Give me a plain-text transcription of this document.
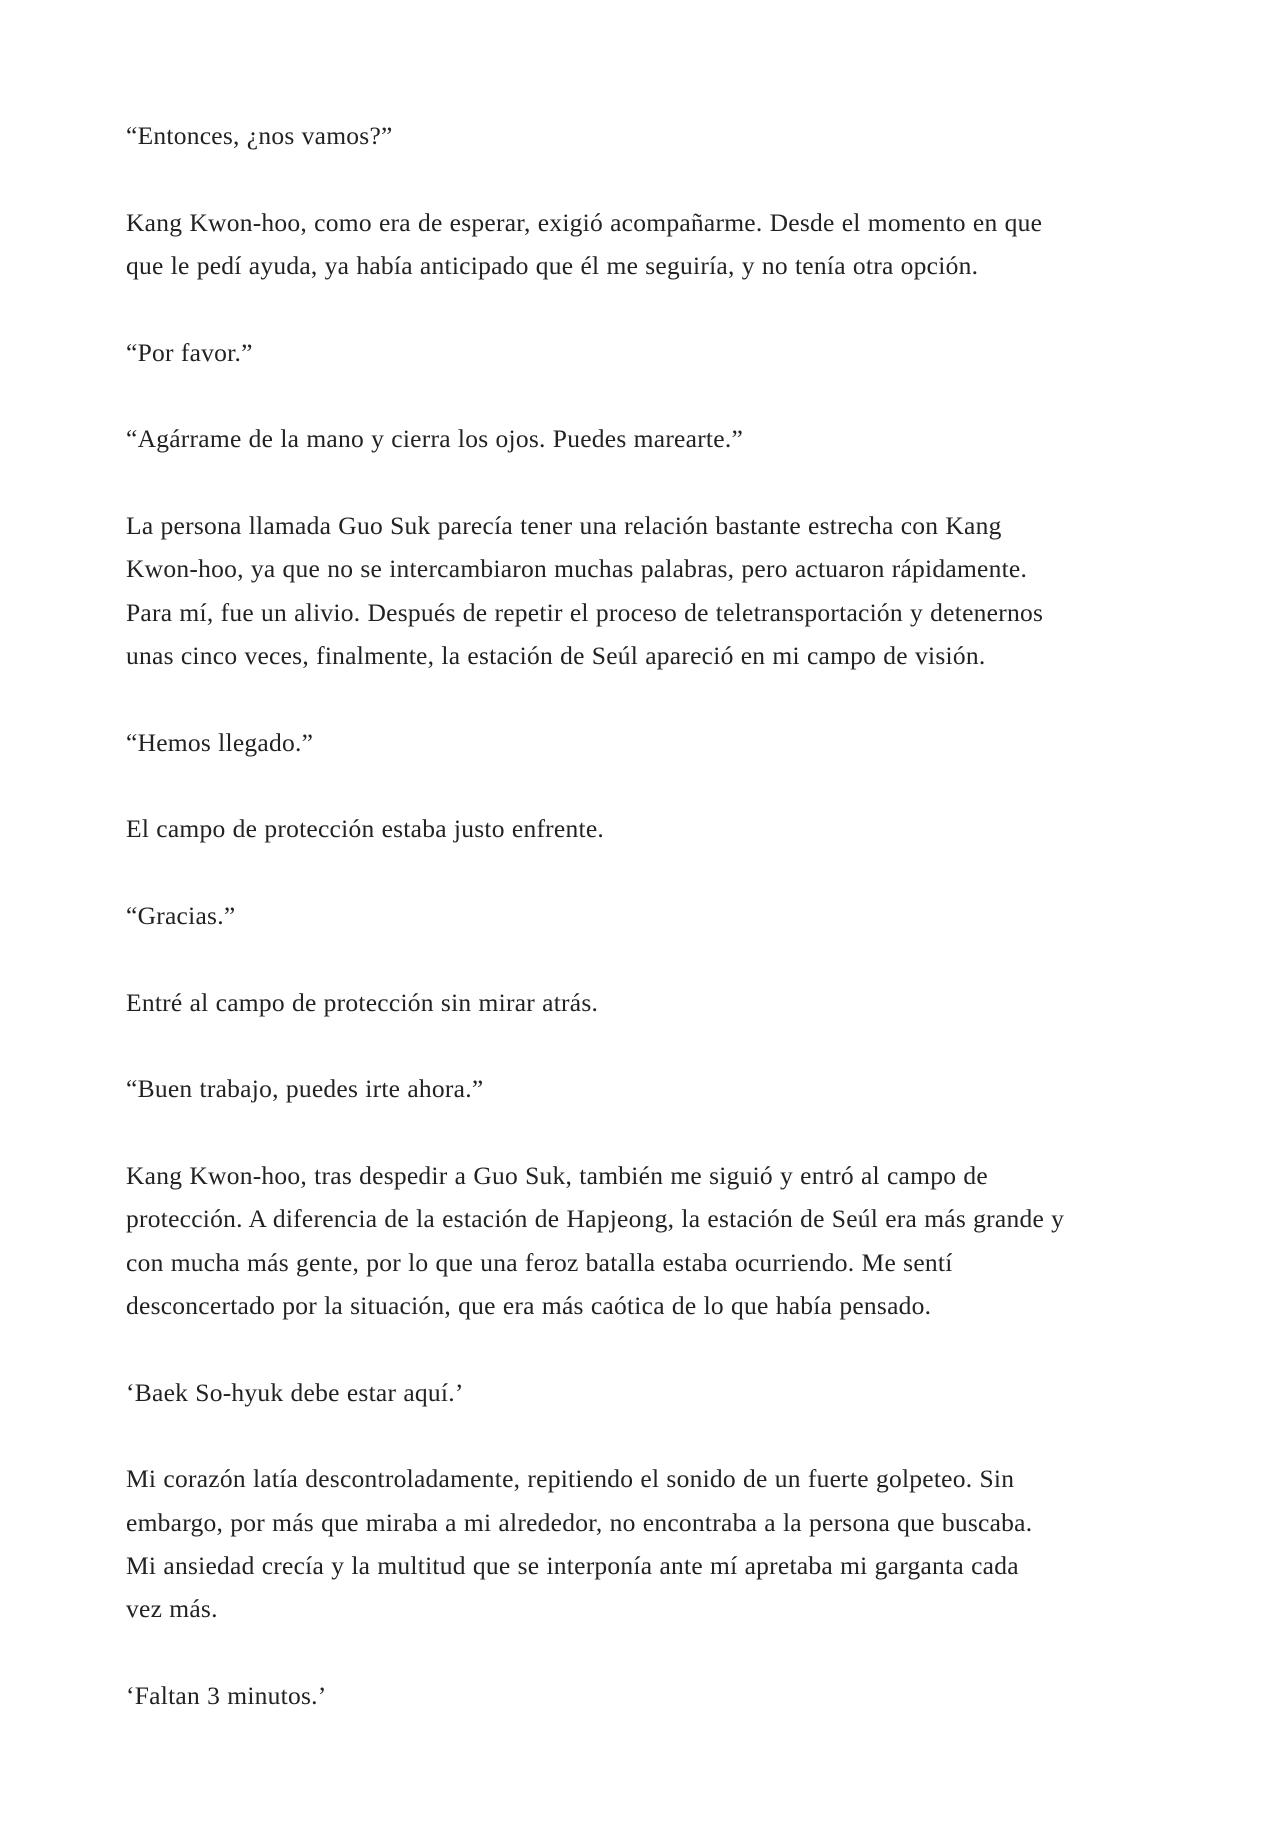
“Entonces, ¿nos vamos?”

Kang Kwon-hoo, como era de esperar, exigió acompañarme. Desde el momento en que
que le pedí ayuda, ya había anticipado que él me seguiría, y no tenía otra opción.

“Por favor.”

“Agárrame de la mano y cierra los ojos. Puedes marearte.”

La persona llamada Guo Suk parecía tener una relación bastante estrecha con Kang
Kwon-hoo, ya que no se intercambiaron muchas palabras, pero actuaron rápidamente.
Para mí, fue un alivio. Después de repetir el proceso de teletransportación y detenernos
unas cinco veces, finalmente, la estación de Seúl apareció en mi campo de visión.

“Hemos llegado.”

El campo de protección estaba justo enfrente.

“Gracias.”

Entré al campo de protección sin mirar atrás.

“Buen trabajo, puedes irte ahora.”

Kang Kwon-hoo, tras despedir a Guo Suk, también me siguió y entró al campo de
protección. A diferencia de la estación de Hapjeong, la estación de Seúl era más grande y
con mucha más gente, por lo que una feroz batalla estaba ocurriendo. Me sentí
desconcertado por la situación, que era más caótica de lo que había pensado.

‘Baek So-hyuk debe estar aquí.’

Mi corazón latía descontroladamente, repitiendo el sonido de un fuerte golpeteo. Sin
embargo, por más que miraba a mi alrededor, no encontraba a la persona que buscaba.
Mi ansiedad crecía y la multitud que se interponía ante mí apretaba mi garganta cada
vez más.

‘Faltan 3 minutos.’
